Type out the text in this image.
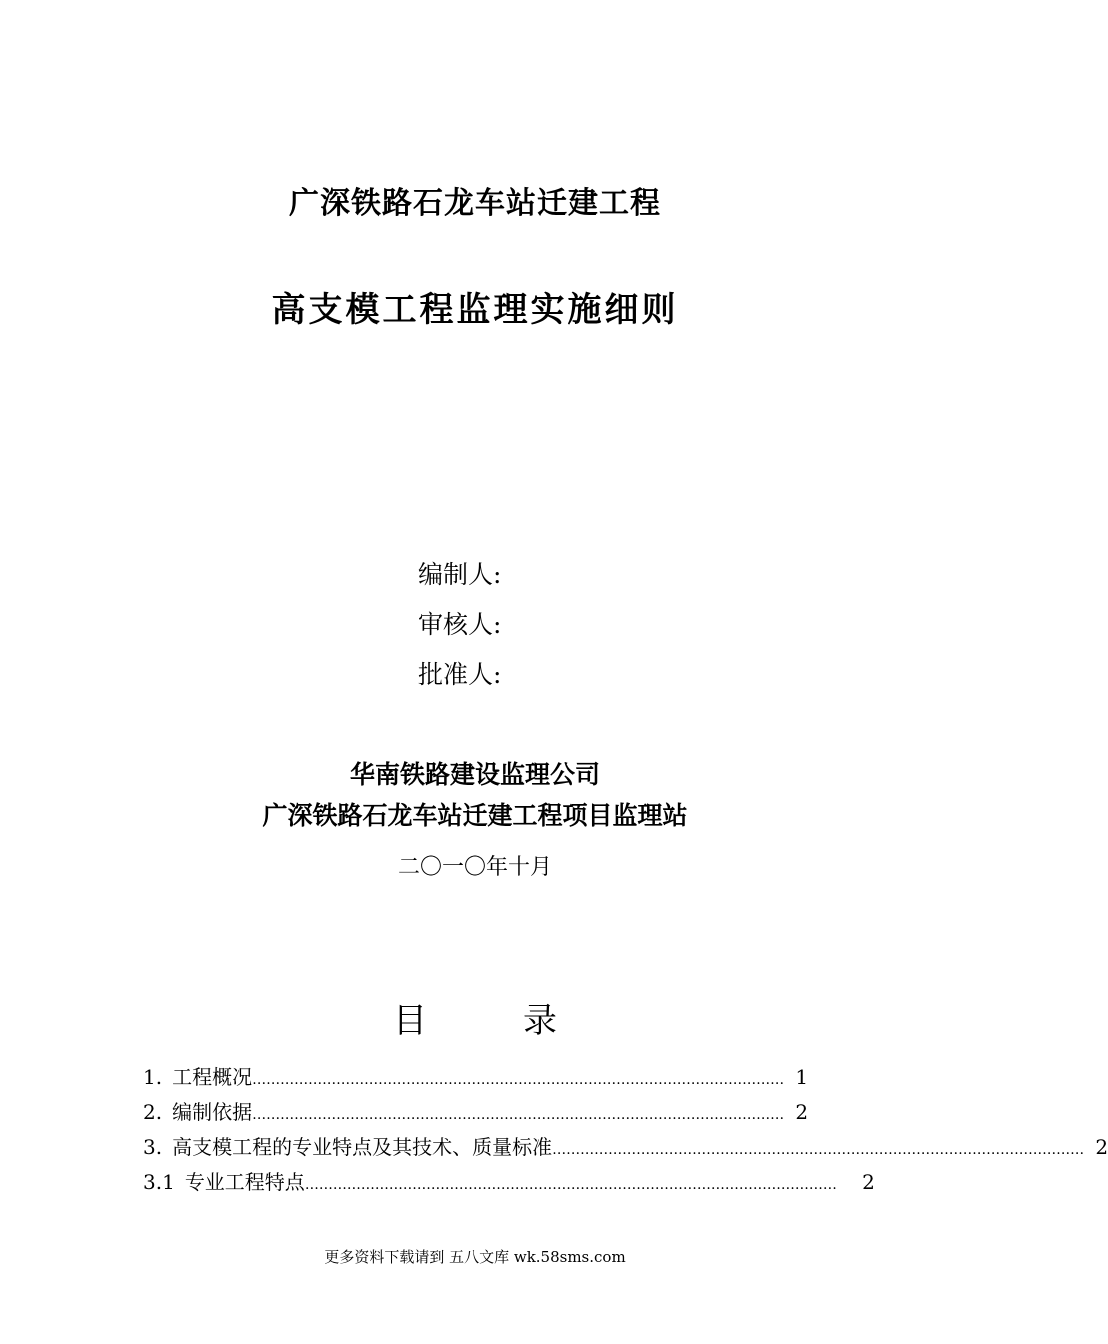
广深铁路石龙车站迁建工程
高支模工程监理实施细则
编制人:
审核人:
批准人:
华南铁路建设监理公司
广深铁路石龙车站迁建工程项目监理站
二〇一〇年十月
目	录
1. 工程概况 …………………………………………………………………………………………………… 1
2. 编制依据 …………………………………………………………………………………………………… 2
3. 高支模工程的专业特点及其技术、质量标准 …………………………………………………………………………………………………… 2
3.1 专业工程特点 ……………………………………………………………………………………………………	2
更多资料下载请到 五八文库 wk.58sms.com
